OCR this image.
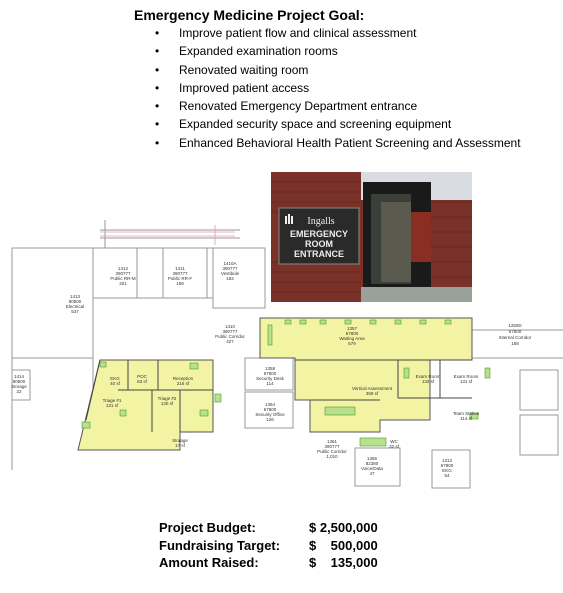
Emergency Medicine Project Goal:
• Improve patient flow and clinical assessment
• Expanded examination rooms
• Renovated waiting room
• Improved patient access
• Renovated Emergency Department entrance
• Expanded security space and screening equipment
• Enhanced Behavioral Health Patient Screening and Assessment
1413
80500
Electrical
537
1412
390777
Public RR-M
201
1411
390777
Public RR-F
189
1410A
390777
Vestibule
182
1410
390777
Public Corridor
427
1357
67800
Waiting Area
679
1250D
67800
Internal Corridor
158
1414
80500
Storage
22
EKG
40 sf
POC
63 sf
Reception
216 sf
Triage #1
131 sf
Triage #2
130 sf
1358
67800
Security Desk
114
1364
67800
Security Office
126
Vertical Assessment
359 sf
Exam Room
132 sf
Exam Room
131 sf
Team Station
114 sf
Storage
17 sf
1361
390777
Public Corridor
1,010
WC
32 sf
1356
82380
Voice/Data
47
1313
67800
EKG
54
Ingalls
EMERGENCY
ROOM
ENTRANCE
Project Budget:	$ 2,500,000
Fundraising Target: $    500,000
Amount Raised:	$    135,000
